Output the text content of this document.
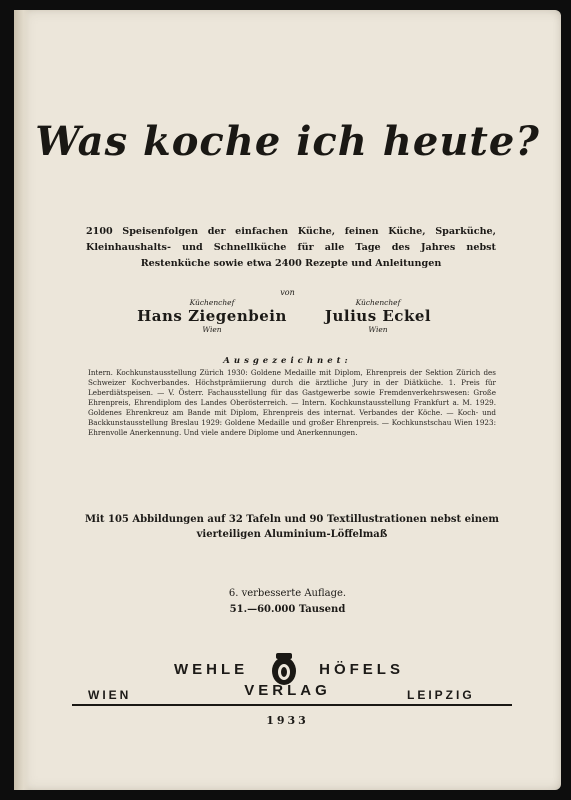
Was koche ich heute?
2100 Speisenfolgen der einfachen Küche, feinen Küche, Sparküche, Kleinhaushalts- und Schnellküche für alle Tage des Jahres nebst Restenküche sowie etwa 2400 Rezepte und Anleitungen
von
Küchenchef
Hans Ziegenbein
Wien
Küchenchef
Julius Eckel
Wien
Ausgezeichnet:
Intern. Kochkunstausstellung Zürich 1930: Goldene Medaille mit Diplom, Ehrenpreis der Sektion Zürich des Schweizer Kochverbandes. Höchstprämiierung durch die ärztliche Jury in der Diätküche. 1. Preis für Leberdiätspeisen. — V. Österr. Fachausstellung für das Gastgewerbe sowie Fremdenverkehrswesen: Große Ehrenpreis, Ehrendiplom des Landes Oberösterreich. — Intern. Kochkunstausstellung Frankfurt a. M. 1929. Goldenes Ehrenkreuz am Bande mit Diplom, Ehrenpreis des internat. Verbandes der Köche. — Koch- und Backkunstausstellung Breslau 1929: Goldene Medaille und großer Ehrenpreis. — Kochkunstschau Wien 1923: Ehrenvolle Anerkennung. Und viele andere Diplome und Anerkennungen.
Mit 105 Abbildungen auf 32 Tafeln und 90 Textillustrationen nebst einem vierteiligen Aluminium-Löffelmaß
6. verbesserte Auflage.
51.—60.000 Tausend
WEHLE	HÖFELS
WIEN	VERLAG	LEIPZIG
1933
